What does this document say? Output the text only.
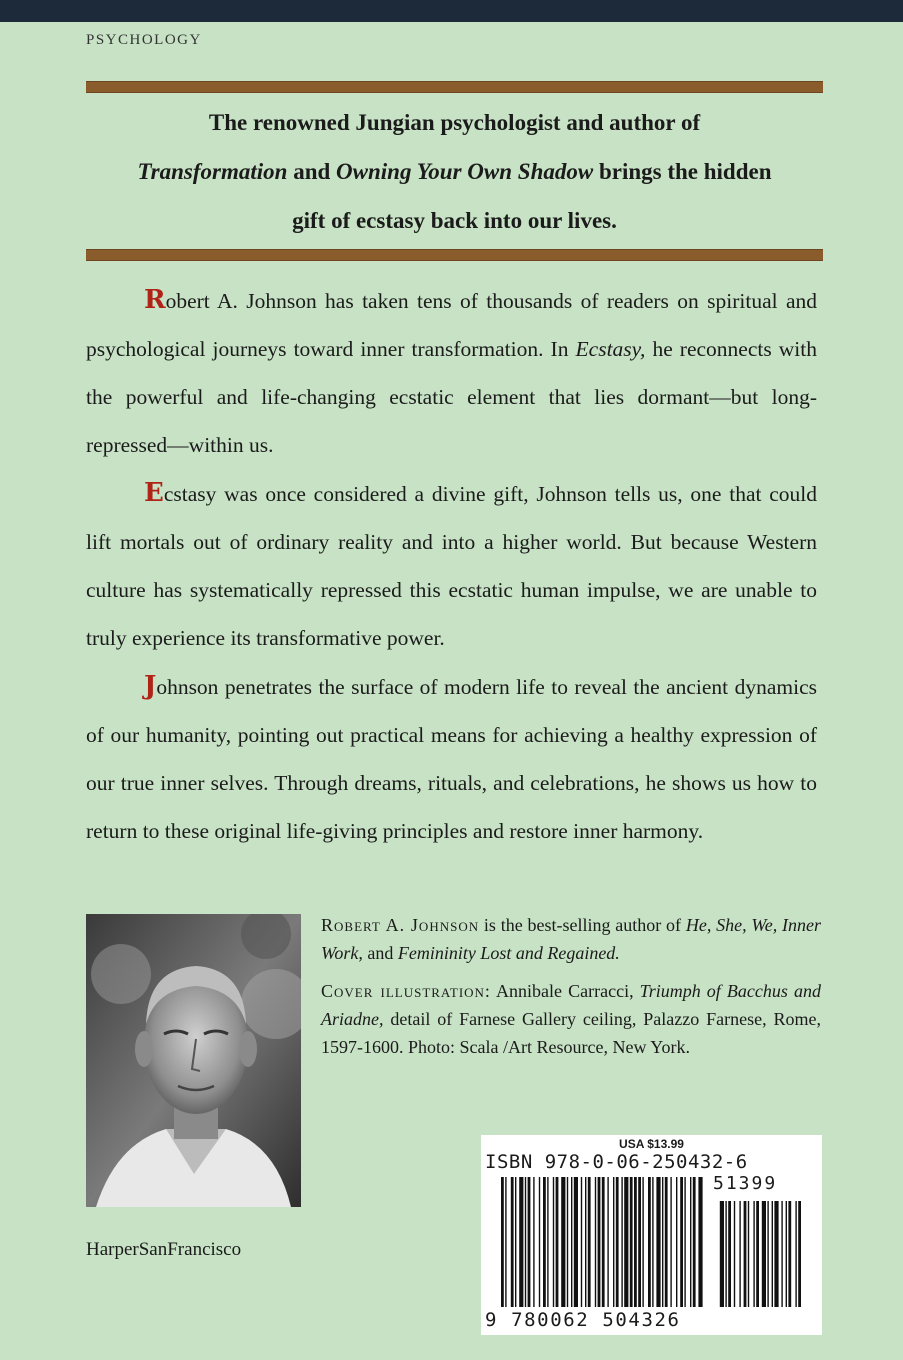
PSYCHOLOGY
The renowned Jungian psychologist and author of
Transformation and Owning Your Own Shadow brings the hidden
gift of ecstasy back into our lives.

Robert A. Johnson has taken tens of thousands of readers on spiritual and psychological journeys toward inner transformation. In Ecstasy, he reconnects with the powerful and life-changing ecstatic element that lies dormant—but long-repressed—within us.

Ecstasy was once considered a divine gift, Johnson tells us, one that could lift mortals out of ordinary reality and into a higher world. But because Western culture has systematically repressed this ecstatic human impulse, we are unable to truly experience its transformative power.

Johnson penetrates the surface of modern life to reveal the ancient dynamics of our humanity, pointing out practical means for achieving a healthy expression of our true inner selves. Through dreams, rituals, and celebrations, he shows us how to return to these original life-giving principles and restore inner harmony.

Robert A. Johnson is the best-selling author of He, She, We, Inner Work, and Femininity Lost and Regained.

Cover illustration: Annibale Carracci, Triumph of Bacchus and Ariadne, detail of Farnese Gallery ceiling, Palazzo Farnese, Rome, 1597-1600. Photo: Scala /Art Resource, New York.

HarperSanFrancisco
USA $13.99
ISBN 978-0-06-250432-6
51399
9 780062 504326
